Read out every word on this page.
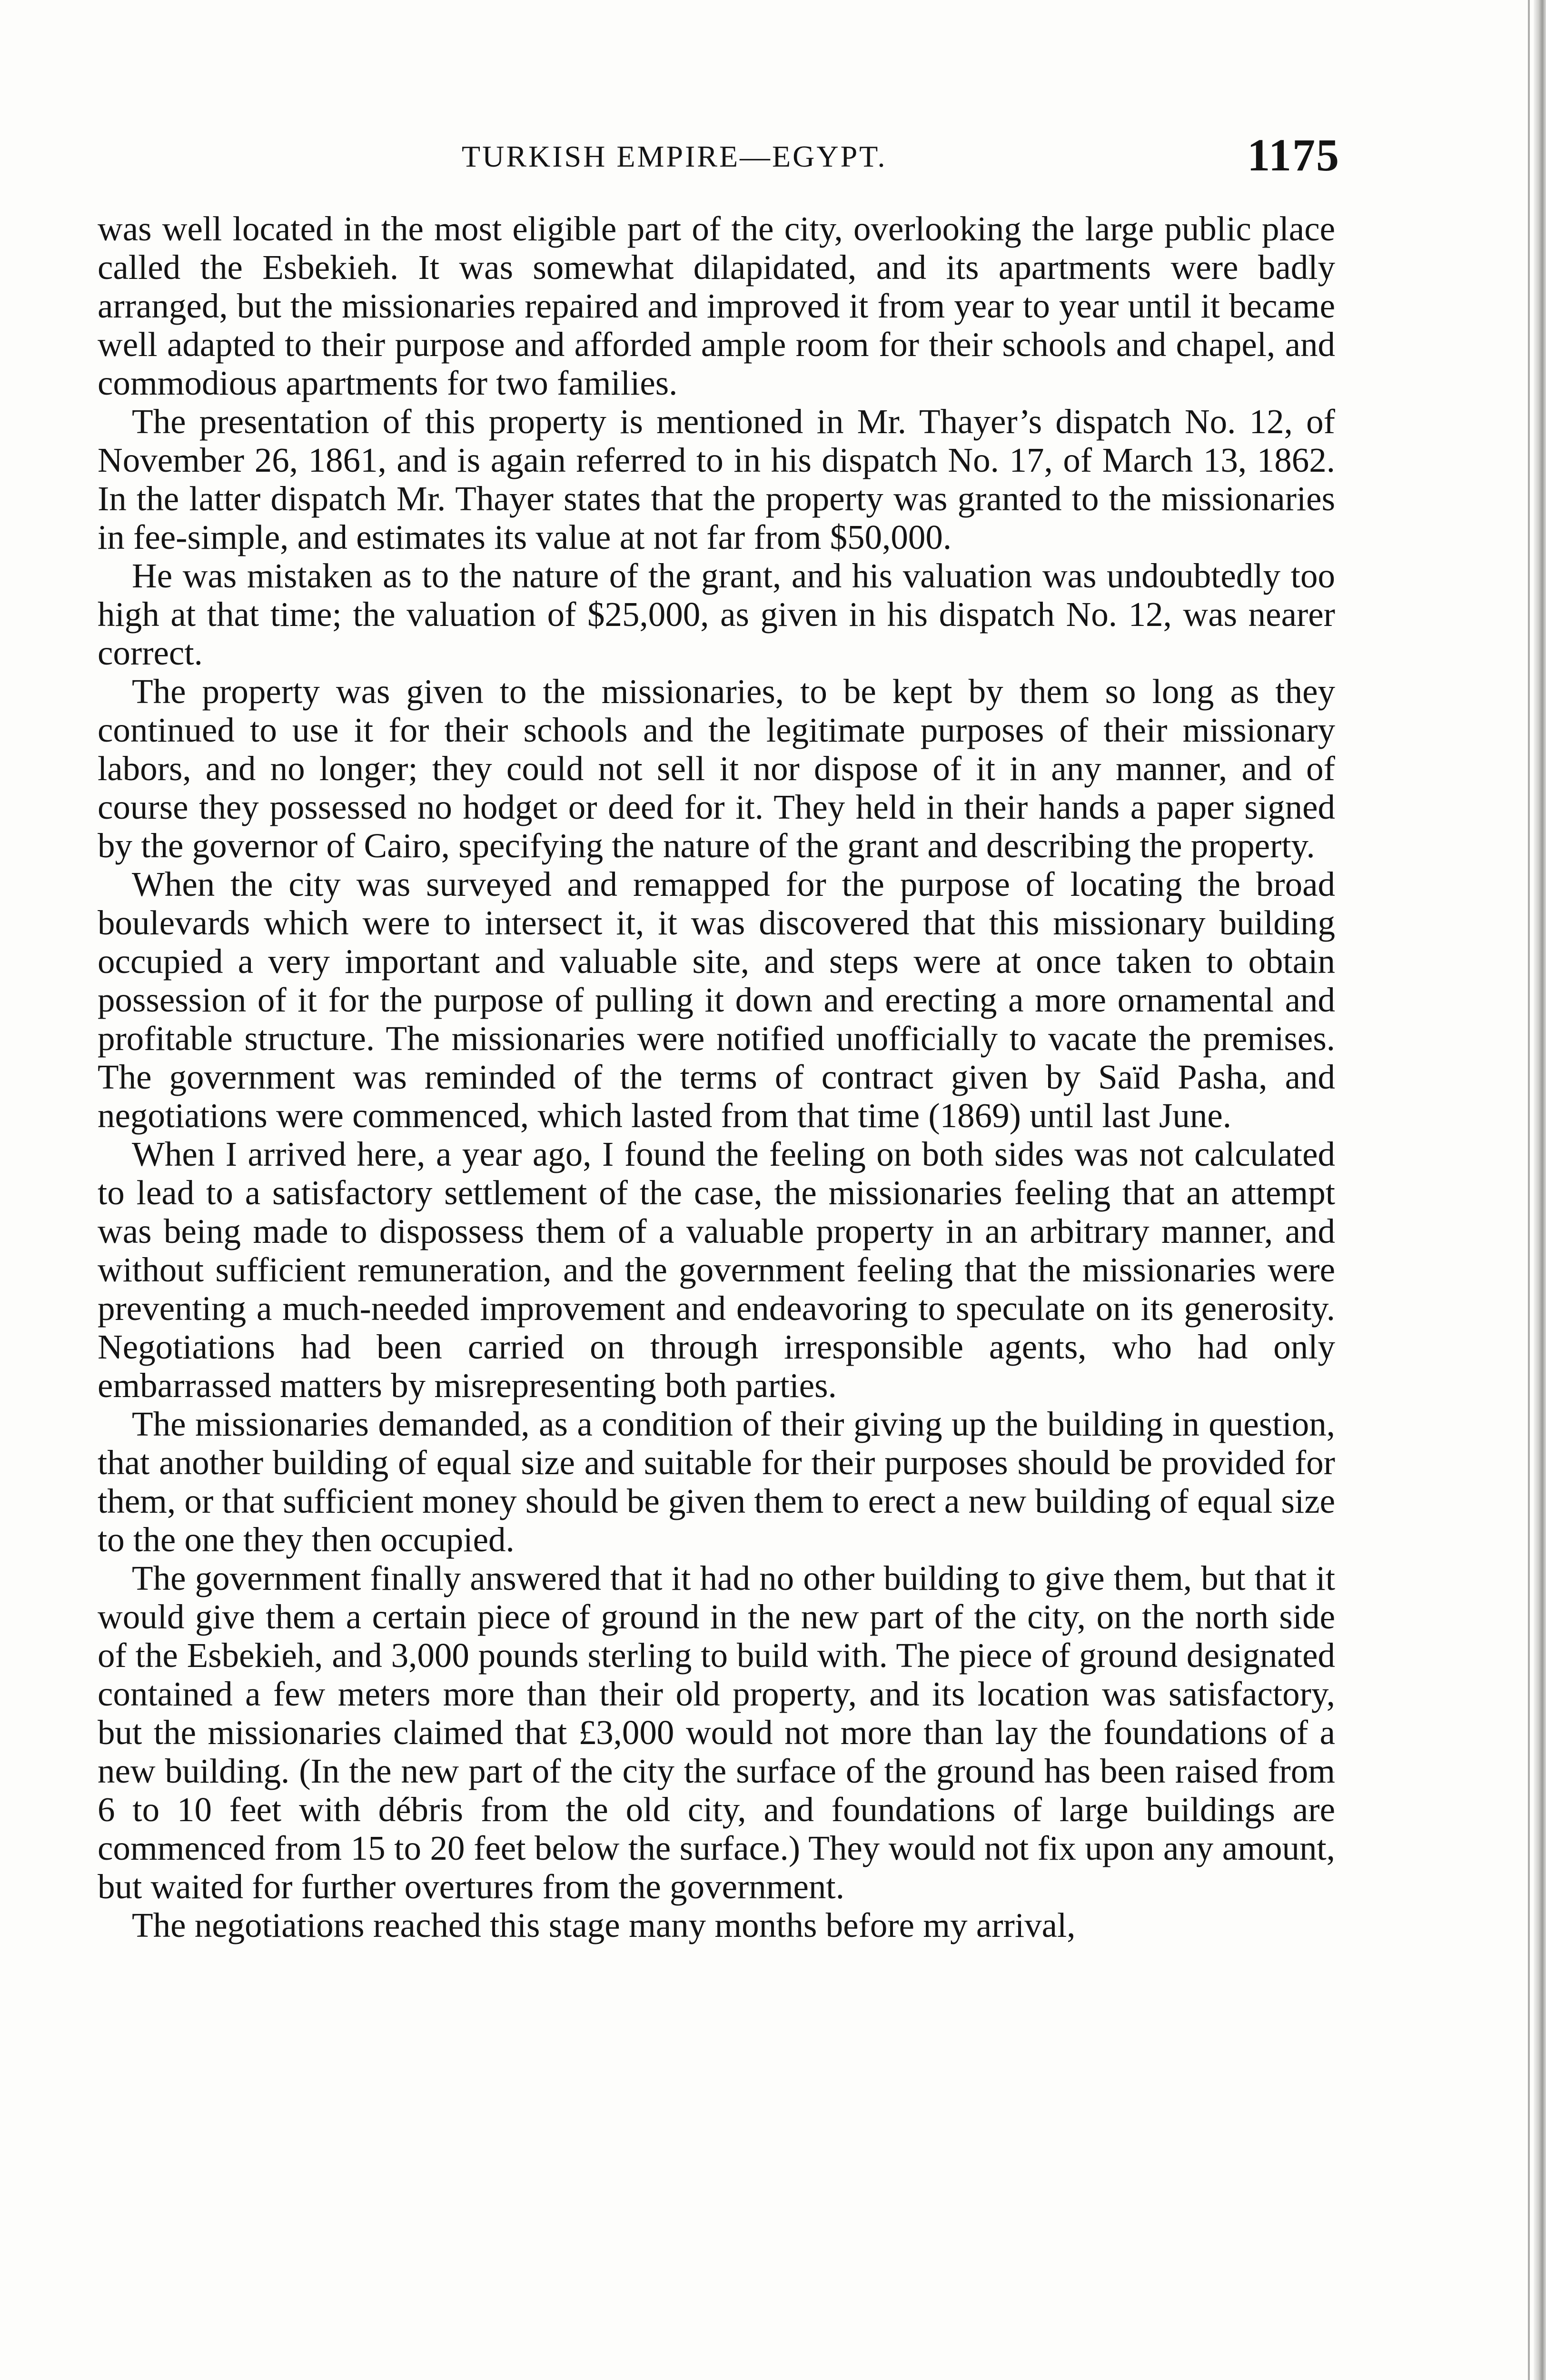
TURKISH EMPIRE—EGYPT.	1175

was well located in the most eligible part of the city, overlooking the large public place called the Esbekieh. It was somewhat dilapidated, and its apartments were badly arranged, but the missionaries repaired and improved it from year to year until it became well adapted to their purpose and afforded ample room for their schools and chapel, and commodious apartments for two families.

The presentation of this property is mentioned in Mr. Thayer’s dispatch No. 12, of November 26, 1861, and is again referred to in his dispatch No. 17, of March 13, 1862. In the latter dispatch Mr. Thayer states that the property was granted to the missionaries in fee-simple, and estimates its value at not far from $50,000.

He was mistaken as to the nature of the grant, and his valuation was undoubtedly too high at that time; the valuation of $25,000, as given in his dispatch No. 12, was nearer correct.

The property was given to the missionaries, to be kept by them so long as they continued to use it for their schools and the legitimate purposes of their missionary labors, and no longer; they could not sell it nor dispose of it in any manner, and of course they possessed no hodget or deed for it. They held in their hands a paper signed by the governor of Cairo, specifying the nature of the grant and describing the property.

When the city was surveyed and remapped for the purpose of locating the broad boulevards which were to intersect it, it was discovered that this missionary building occupied a very important and valuable site, and steps were at once taken to obtain possession of it for the purpose of pulling it down and erecting a more ornamental and profitable structure. The missionaries were notified unofficially to vacate the premises. The government was reminded of the terms of contract given by Saïd Pasha, and negotiations were commenced, which lasted from that time (1869) until last June.

When I arrived here, a year ago, I found the feeling on both sides was not calculated to lead to a satisfactory settlement of the case, the missionaries feeling that an attempt was being made to dispossess them of a valuable property in an arbitrary manner, and without sufficient remuneration, and the government feeling that the missionaries were preventing a much-needed improvement and endeavoring to speculate on its generosity. Negotiations had been carried on through irresponsible agents, who had only embarrassed matters by misrepresenting both parties.

The missionaries demanded, as a condition of their giving up the building in question, that another building of equal size and suitable for their purposes should be provided for them, or that sufficient money should be given them to erect a new building of equal size to the one they then occupied.

The government finally answered that it had no other building to give them, but that it would give them a certain piece of ground in the new part of the city, on the north side of the Esbekieh, and 3,000 pounds sterling to build with. The piece of ground designated contained a few meters more than their old property, and its location was satisfactory, but the missionaries claimed that £3,000 would not more than lay the foundations of a new building. (In the new part of the city the surface of the ground has been raised from 6 to 10 feet with débris from the old city, and foundations of large buildings are commenced from 15 to 20 feet below the surface.) They would not fix upon any amount, but waited for further overtures from the government.

The negotiations reached this stage many months before my arrival,
